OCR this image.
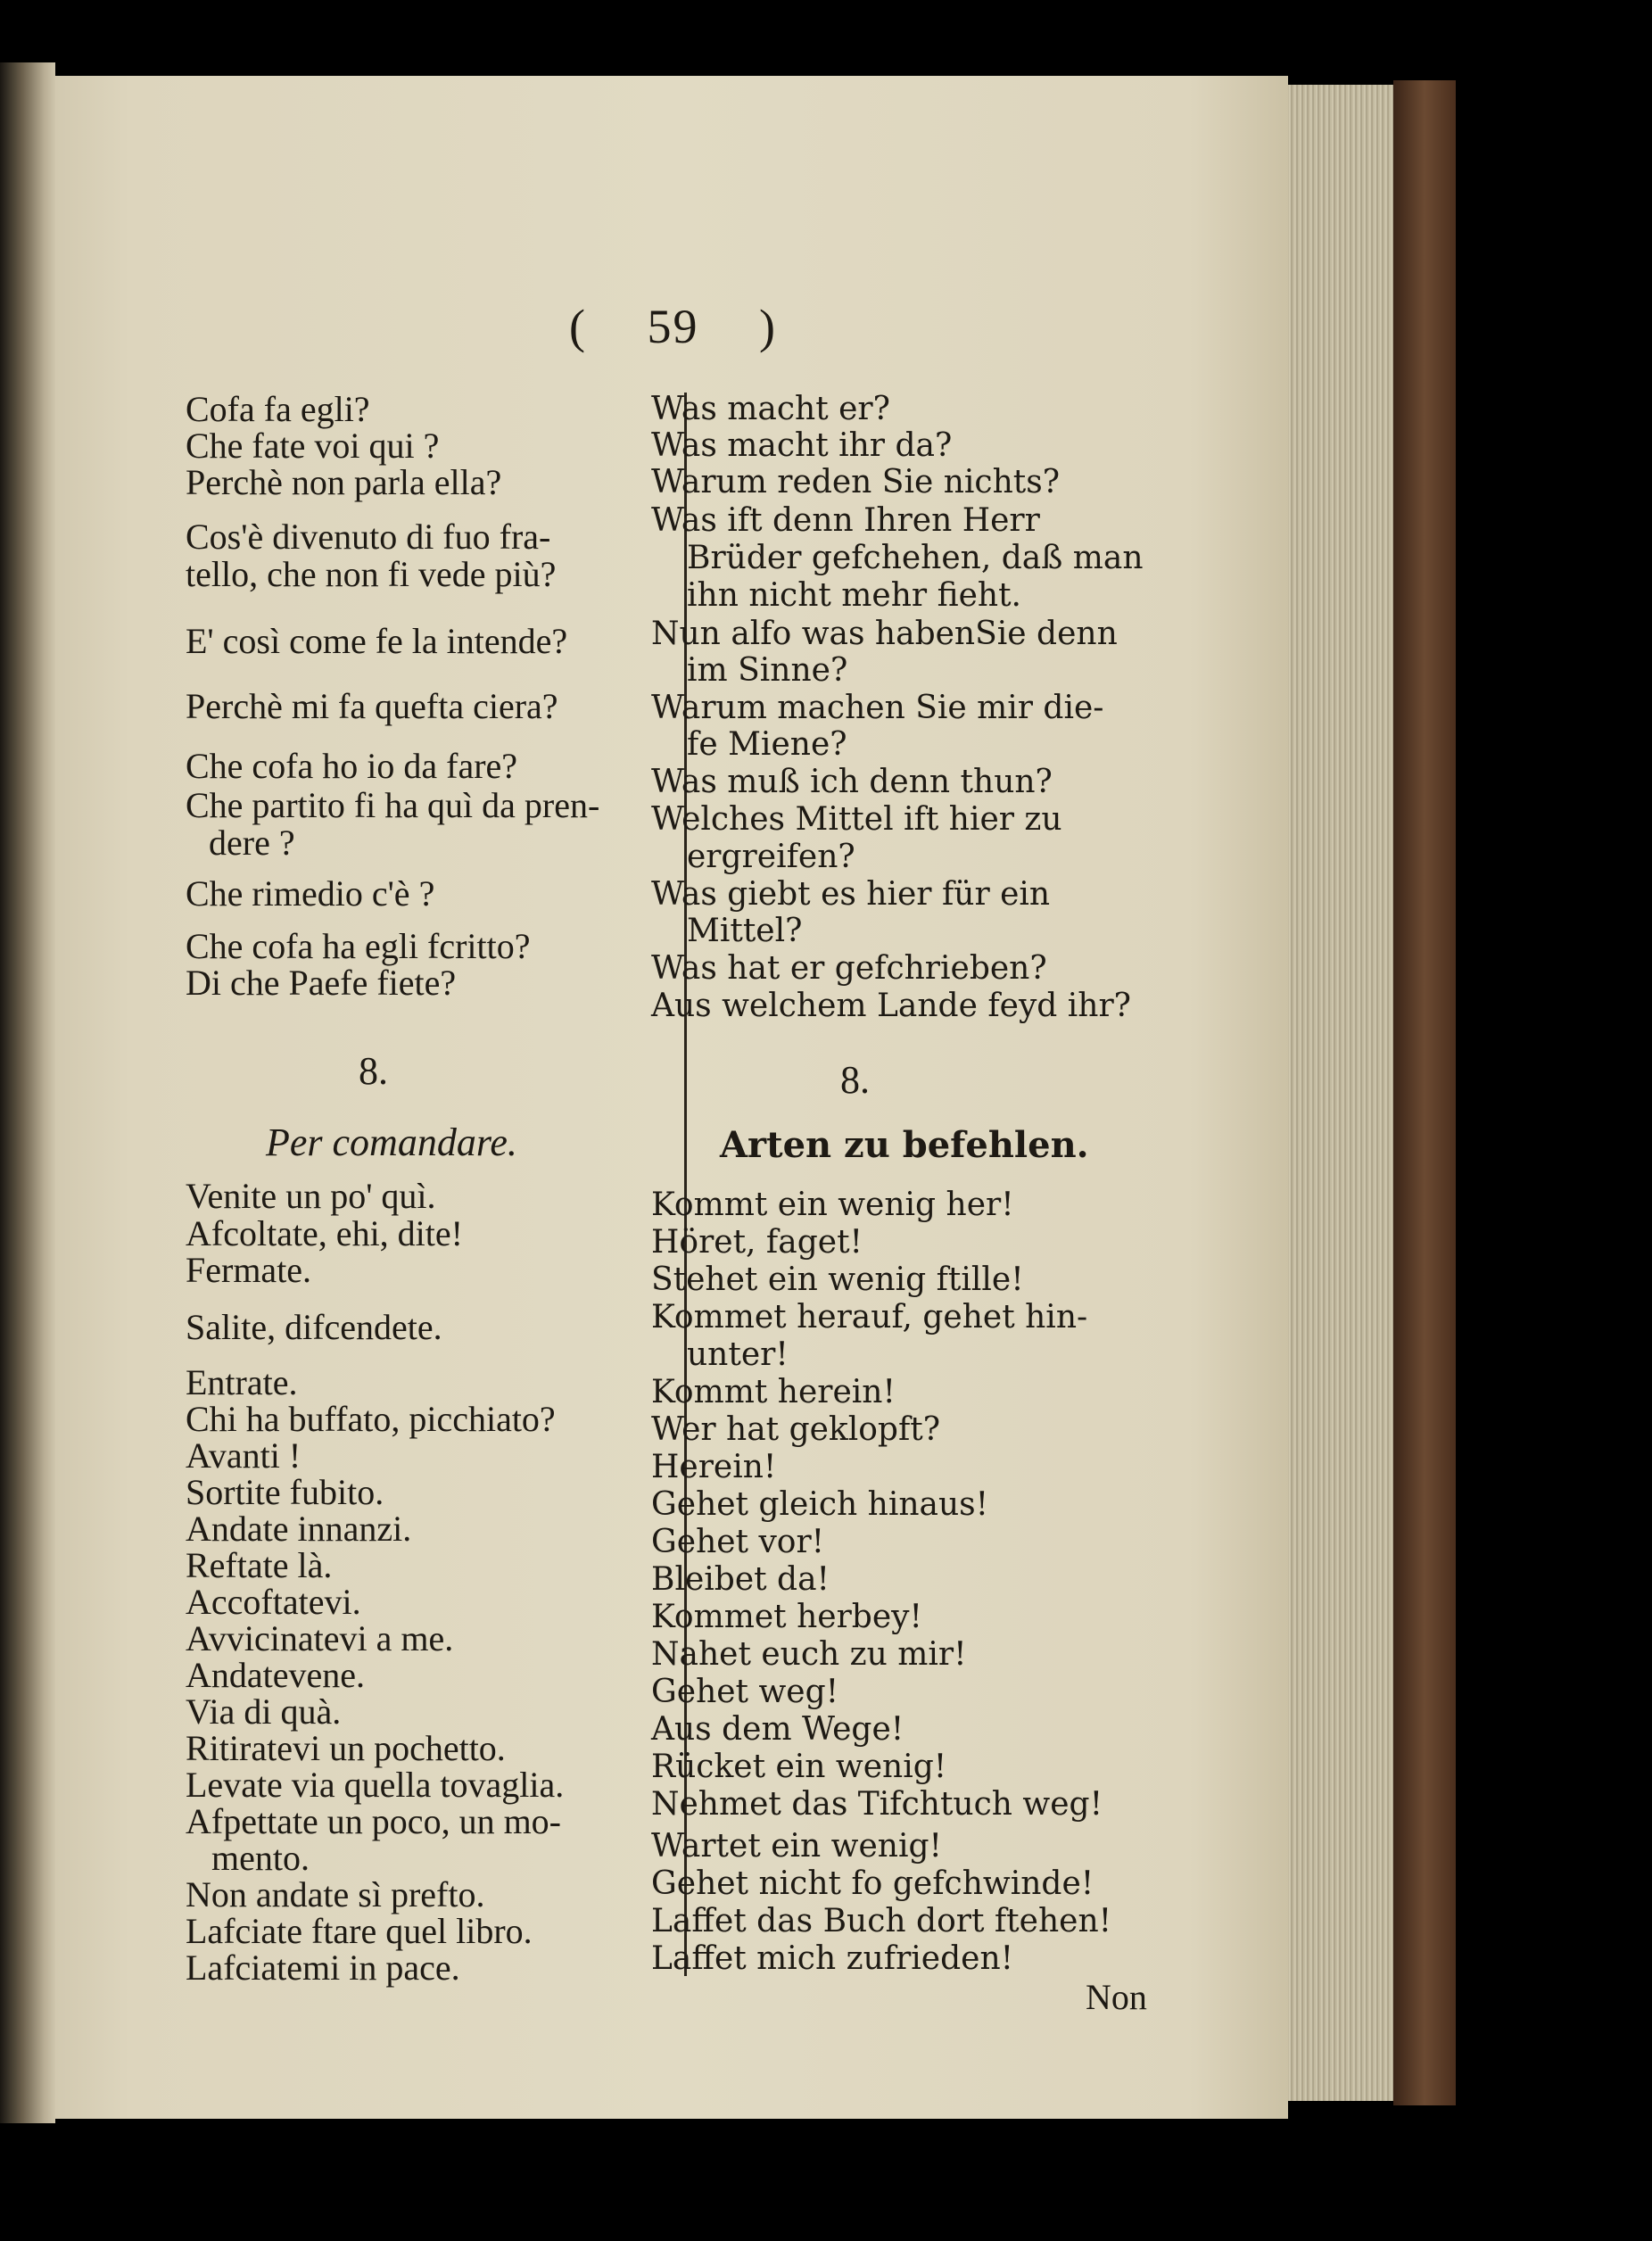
( 59 )
Cofa fa egli?
Che fate voi qui ?
Perchè non parla ella?
Cos'è divenuto di fuo fra-
tello, che non fi vede più?
E' così come fe la intende?
Perchè mi fa quefta ciera?
Che cofa ho io da fare?
Che partito fi ha quì da pren-
dere ?
Che rimedio c'è ?
Che cofa ha egli fcritto?
Di che Paefe fiete?
Was macht er?
Was macht ihr da?
Warum reden Sie nichts?
Was ift denn Ihren Herr
Brüder gefchehen, daß man
ihn nicht mehr fieht.
Nun alfo was habenSie denn
im Sinne?
Warum machen Sie mir die-
fe Miene?
Was muß ich denn thun?
Welches Mittel ift hier zu
ergreifen?
Was giebt es hier für ein
Mittel?
Was hat er gefchrieben?
Aus welchem Lande feyd ihr?
8.	8.
Per comandare.	Arten zu befehlen.
Venite un po' quì.
Afcoltate, ehi, dite!
Fermate.
Salite, difcendete.
Entrate.
Chi ha buffato, picchiato?
Avanti !
Sortite fubito.
Andate innanzi.
Reftate là.
Accoftatevi.
Avvicinatevi a me.
Andatevene.
Via di quà.
Ritiratevi un pochetto.
Levate via quella tovaglia.
Afpettate un poco, un mo-
mento.
Non andate sì prefto.
Lafciate ftare quel libro.
Lafciatemi in pace.
Kommt ein wenig her!
Höret, faget!
Stehet ein wenig ftille!
Kommet herauf, gehet hin-
unter!
Kommt herein!
Wer hat geklopft?
Herein!
Gehet gleich hinaus!
Gehet vor!
Bleibet da!
Kommet herbey!
Nahet euch zu mir!
Gehet weg!
Aus dem Wege!
Rücket ein wenig!
Nehmet das Tifchtuch weg!
Wartet ein wenig!
Gehet nicht fo gefchwinde!
Laffet das Buch dort ftehen!
Laffet mich zufrieden!
Non
